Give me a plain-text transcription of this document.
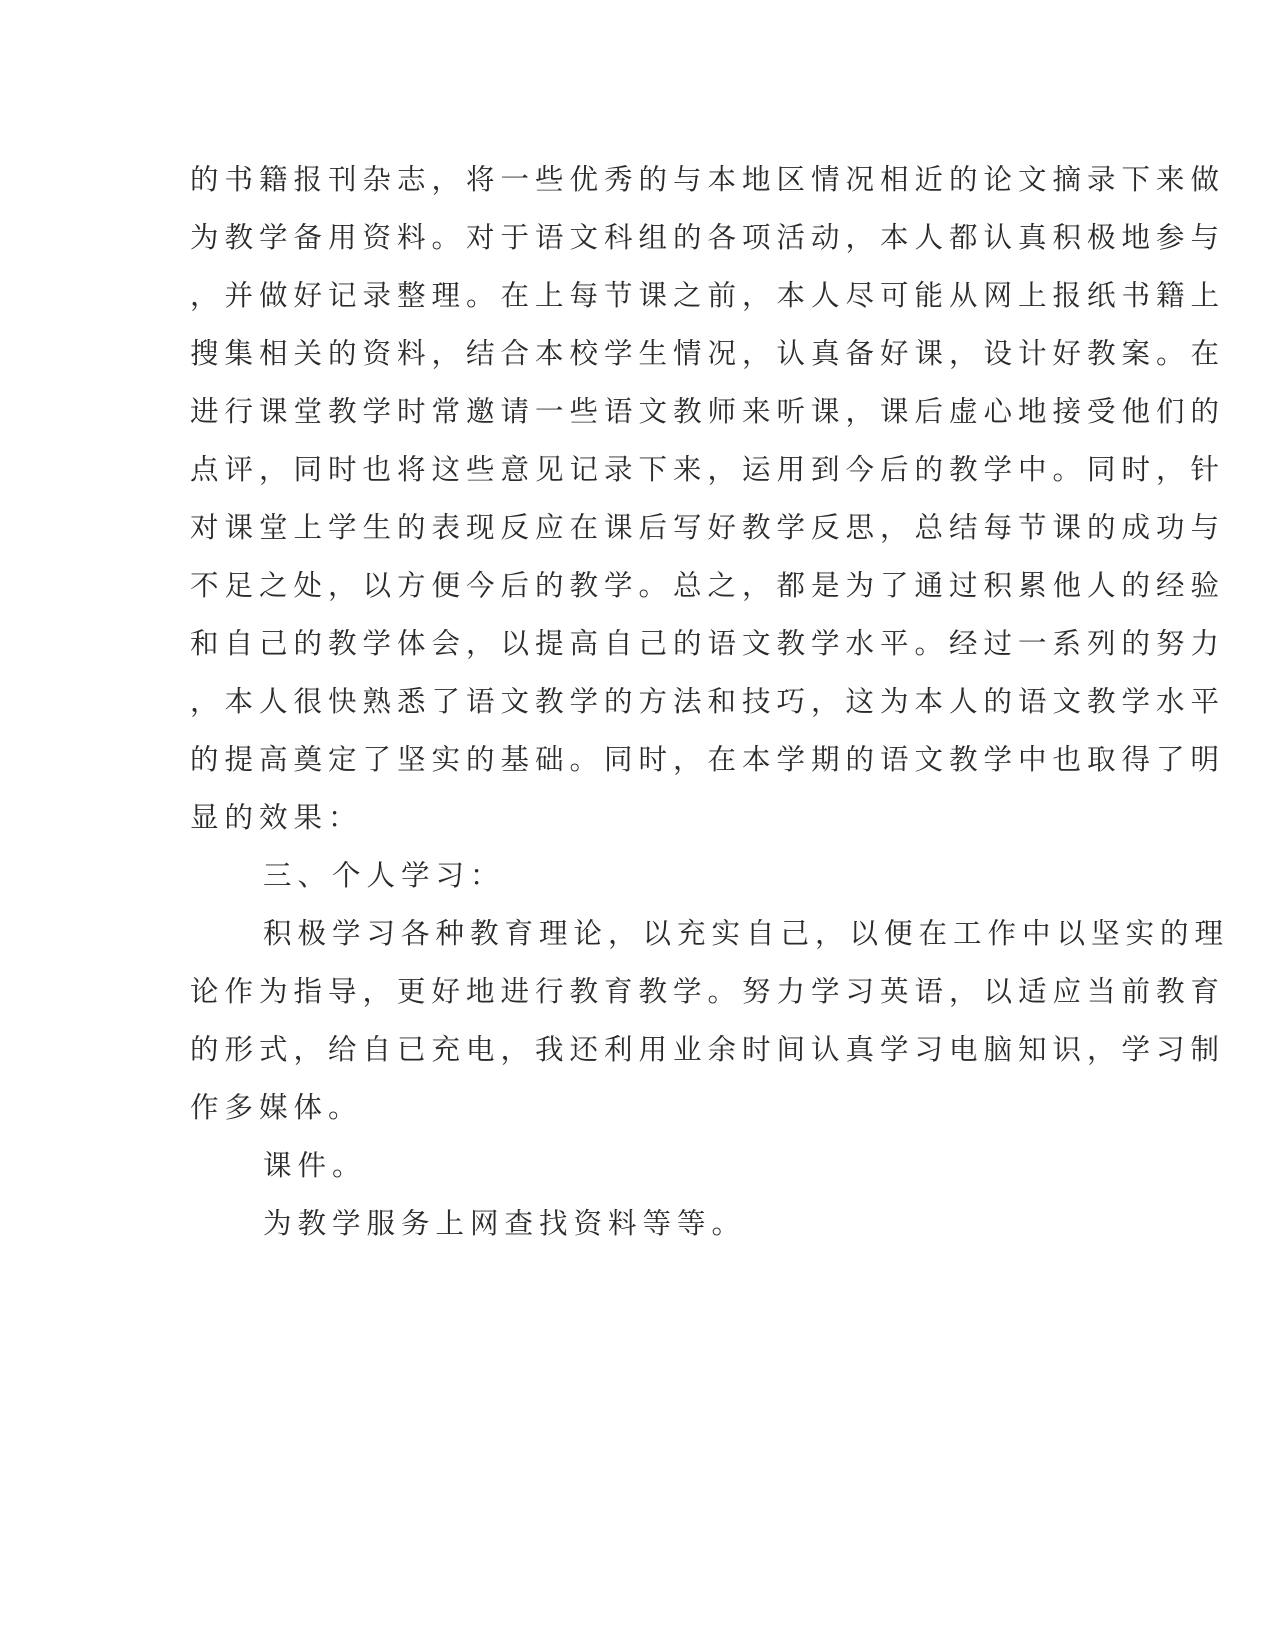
的书籍报刊杂志，将一些优秀的与本地区情况相近的论文摘录下来做
为教学备用资料。对于语文科组的各项活动，本人都认真积极地参与
，并做好记录整理。在上每节课之前，本人尽可能从网上报纸书籍上
搜集相关的资料，结合本校学生情况，认真备好课，设计好教案。在
进行课堂教学时常邀请一些语文教师来听课，课后虚心地接受他们的
点评，同时也将这些意见记录下来，运用到今后的教学中。同时，针
对课堂上学生的表现反应在课后写好教学反思，总结每节课的成功与
不足之处，以方便今后的教学。总之，都是为了通过积累他人的经验
和自己的教学体会，以提高自己的语文教学水平。经过一系列的努力
，本人很快熟悉了语文教学的方法和技巧，这为本人的语文教学水平
的提高奠定了坚实的基础。同时，在本学期的语文教学中也取得了明
显的效果：
三、个人学习：
积极学习各种教育理论，以充实自己，以便在工作中以坚实的理
论作为指导，更好地进行教育教学。努力学习英语，以适应当前教育
的形式，给自已充电，我还利用业余时间认真学习电脑知识，学习制
作多媒体。
课件。
为教学服务上网查找资料等等。
